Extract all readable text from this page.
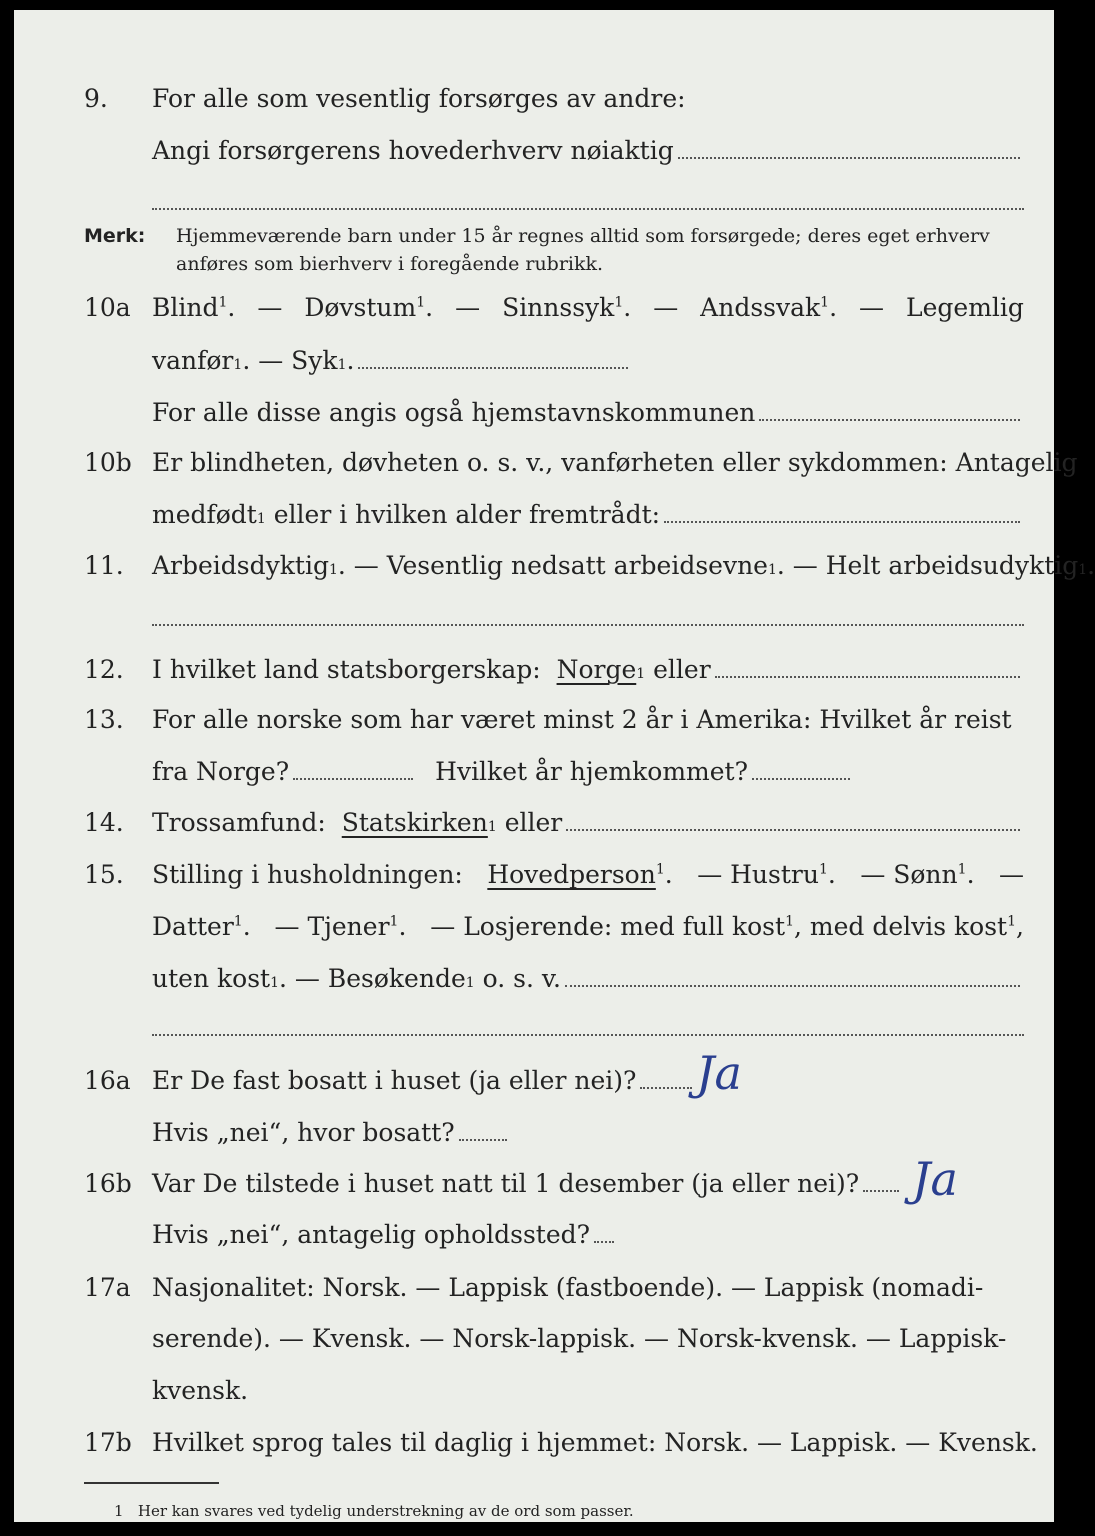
9. For alle som vesentlig forsørges av andre:
Angi forsørgerens hovederhverv nøiaktig
Merk: Hjemmeværende barn under 15 år regnes alltid som forsørgede; deres eget erhverv
anføres som bierhverv i foregående rubrikk.
10a Blind$^1$. — Døvstum$^1$. — Sinnssyk$^1$. — Andssvak$^1$. — Legemlig
vanfør 1 . — Syk 1 .
For alle disse angis også hjemstavnskommunen
10b Er blindheten, døvheten o. s. v., vanførheten eller sykdommen: Antagelig
medfødt 1
eller i hvilken alder fremtrådt:
11. Arbeidsdyktig 1 . — Vesentlig nedsatt arbeidsevne 1 . — Helt arbeidsudyktig 1 .
12. I hvilket land statsborgerskap:
Norge 1
eller
13. For alle norske som har været minst 2 år i Amerika: Hvilket år reist
fra Norge?	Hvilket år hjemkommet?
14. Trossamfund:
Statskirken 1
eller
15. Stilling i husholdningen: Hovedperson$^1$. — Hustru$^1$. — Sønn$^1$. —
Datter$^1$. — Tjener$^1$. — Losjerende: med full kost$^1$, med delvis kost$^1$,
uten kost 1 . — Besøkende 1
o. s. v.
16a Er De fast bosatt i huset (ja eller nei)? Ja
Hvis „nei“, hvor bosatt?
16b Var De tilstede i huset natt til 1 desember (ja eller nei)? Ja
Hvis „nei“, antagelig opholdssted?
17a Nasjonalitet: Norsk. — Lappisk (fastboende). — Lappisk (nomadi-
serende). — Kvensk. — Norsk-lappisk. — Norsk-kvensk. — Lappisk-
kvensk.
17b Hvilket sprog tales til daglig i hjemmet: Norsk. — Lappisk. — Kvensk.
1 Her kan svares ved tydelig understrekning av de ord som passer.
